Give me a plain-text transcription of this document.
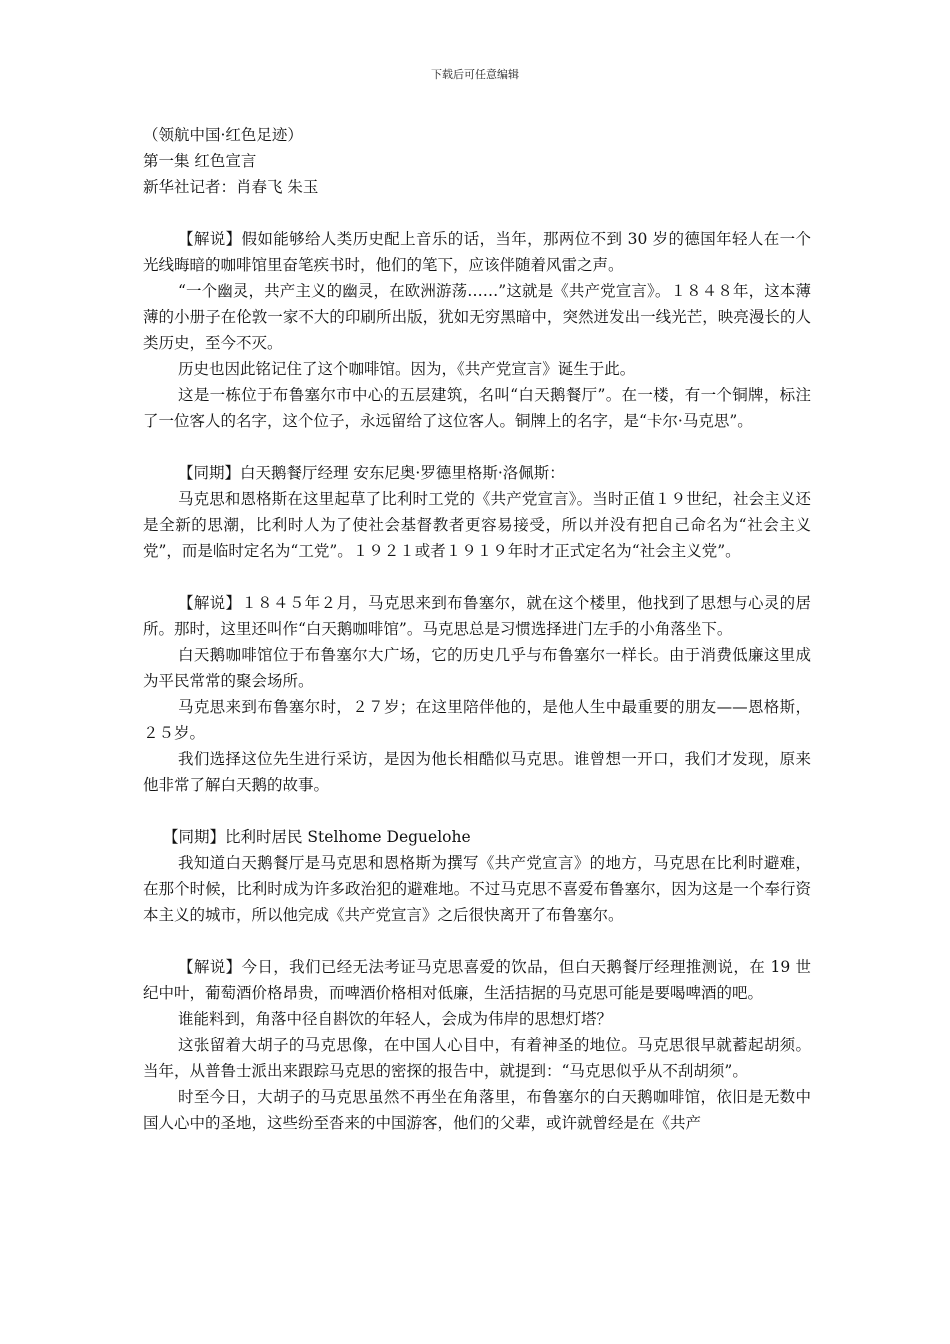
下载后可任意编辑

（领航中国·红色足迹）

第一集 红色宣言

新华社记者：肖春飞 朱玉

【解说】假如能够给人类历史配上音乐的话，当年，那两位不到 30 岁的德国年轻人在一个光线晦暗的咖啡馆里奋笔疾书时，他们的笔下，应该伴随着风雷之声。

“一个幽灵，共产主义的幽灵，在欧洲游荡……”这就是《共产党宣言》。１８４８年，这本薄薄的小册子在伦敦一家不大的印刷所出版，犹如无穷黑暗中，突然迸发出一线光芒，映亮漫长的人类历史，至今不灭。

历史也因此铭记住了这个咖啡馆。因为，《共产党宣言》诞生于此。

这是一栋位于布鲁塞尔市中心的五层建筑，名叫“白天鹅餐厅”。在一楼，有一个铜牌，标注了一位客人的名字，这个位子，永远留给了这位客人。铜牌上的名字，是“卡尔·马克思”。

【同期】白天鹅餐厅经理 安东尼奥·罗德里格斯·洛佩斯：

马克思和恩格斯在这里起草了比利时工党的《共产党宣言》。当时正值１９世纪，社会主义还是全新的思潮，比利时人为了使社会基督教者更容易接受，所以并没有把自己命名为“社会主义党”，而是临时定名为“工党”。１９２１或者１９１９年时才正式定名为“社会主义党”。

【解说】１８４５年２月，马克思来到布鲁塞尔，就在这个楼里，他找到了思想与心灵的居所。那时，这里还叫作“白天鹅咖啡馆”。马克思总是习惯选择进门左手的小角落坐下。

白天鹅咖啡馆位于布鲁塞尔大广场，它的历史几乎与布鲁塞尔一样长。由于消费低廉这里成为平民常常的聚会场所。

马克思来到布鲁塞尔时，２７岁；在这里陪伴他的，是他人生中最重要的朋友——恩格斯，２５岁。

我们选择这位先生进行采访，是因为他长相酷似马克思。谁曾想一开口，我们才发现，原来他非常了解白天鹅的故事。

【同期】比利时居民 Stelhome Deguelohe

我知道白天鹅餐厅是马克思和恩格斯为撰写《共产党宣言》的地方，马克思在比利时避难，在那个时候，比利时成为许多政治犯的避难地。不过马克思不喜爱布鲁塞尔，因为这是一个奉行资本主义的城市，所以他完成《共产党宣言》之后很快离开了布鲁塞尔。

【解说】今日，我们已经无法考证马克思喜爱的饮品，但白天鹅餐厅经理推测说，在 19 世纪中叶，葡萄酒价格昂贵，而啤酒价格相对低廉，生活拮据的马克思可能是要喝啤酒的吧。

谁能料到，角落中径自斟饮的年轻人，会成为伟岸的思想灯塔？

这张留着大胡子的马克思像，在中国人心目中，有着神圣的地位。马克思很早就蓄起胡须。当年，从普鲁士派出来跟踪马克思的密探的报告中，就提到：“马克思似乎从不刮胡须”。

时至今日，大胡子的马克思虽然不再坐在角落里，布鲁塞尔的白天鹅咖啡馆，依旧是无数中国人心中的圣地，这些纷至沓来的中国游客，他们的父辈，或许就曾经是在《共产
